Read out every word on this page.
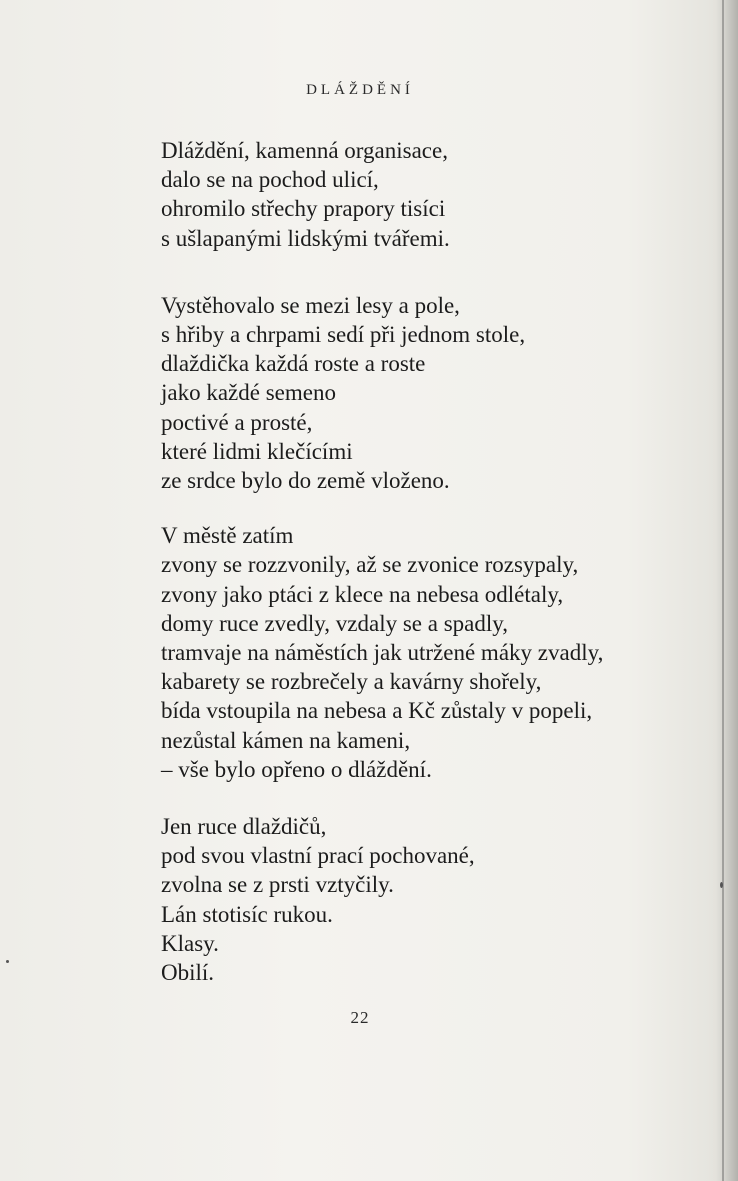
DLÁŽDĚNÍ
Dláždění, kamenná organisace,
dalo se na pochod ulicí,
ohromilo střechy prapory tisíci
s ušlapanými lidskými tvářemi.
Vystěhovalo se mezi lesy a pole,
s hřiby a chrpami sedí při jednom stole,
dlaždička každá roste a roste
jako každé semeno
poctivé a prosté,
které lidmi klečícími
ze srdce bylo do země vloženo.
V městě zatím
zvony se rozzvonily, až se zvonice rozsypaly,
zvony jako ptáci z klece na nebesa odlétaly,
domy ruce zvedly, vzdaly se a spadly,
tramvaje na náměstích jak utržené máky zvadly,
kabarety se rozbrečely a kavárny shořely,
bída vstoupila na nebesa a Kč zůstaly v popeli,
nezůstal kámen na kameni,
– vše bylo opřeno o dláždění.
Jen ruce dlaždičů,
pod svou vlastní prací pochované,
zvolna se z prsti vztyčily.
Lán stotisíc rukou.
Klasy.
Obilí.
22
